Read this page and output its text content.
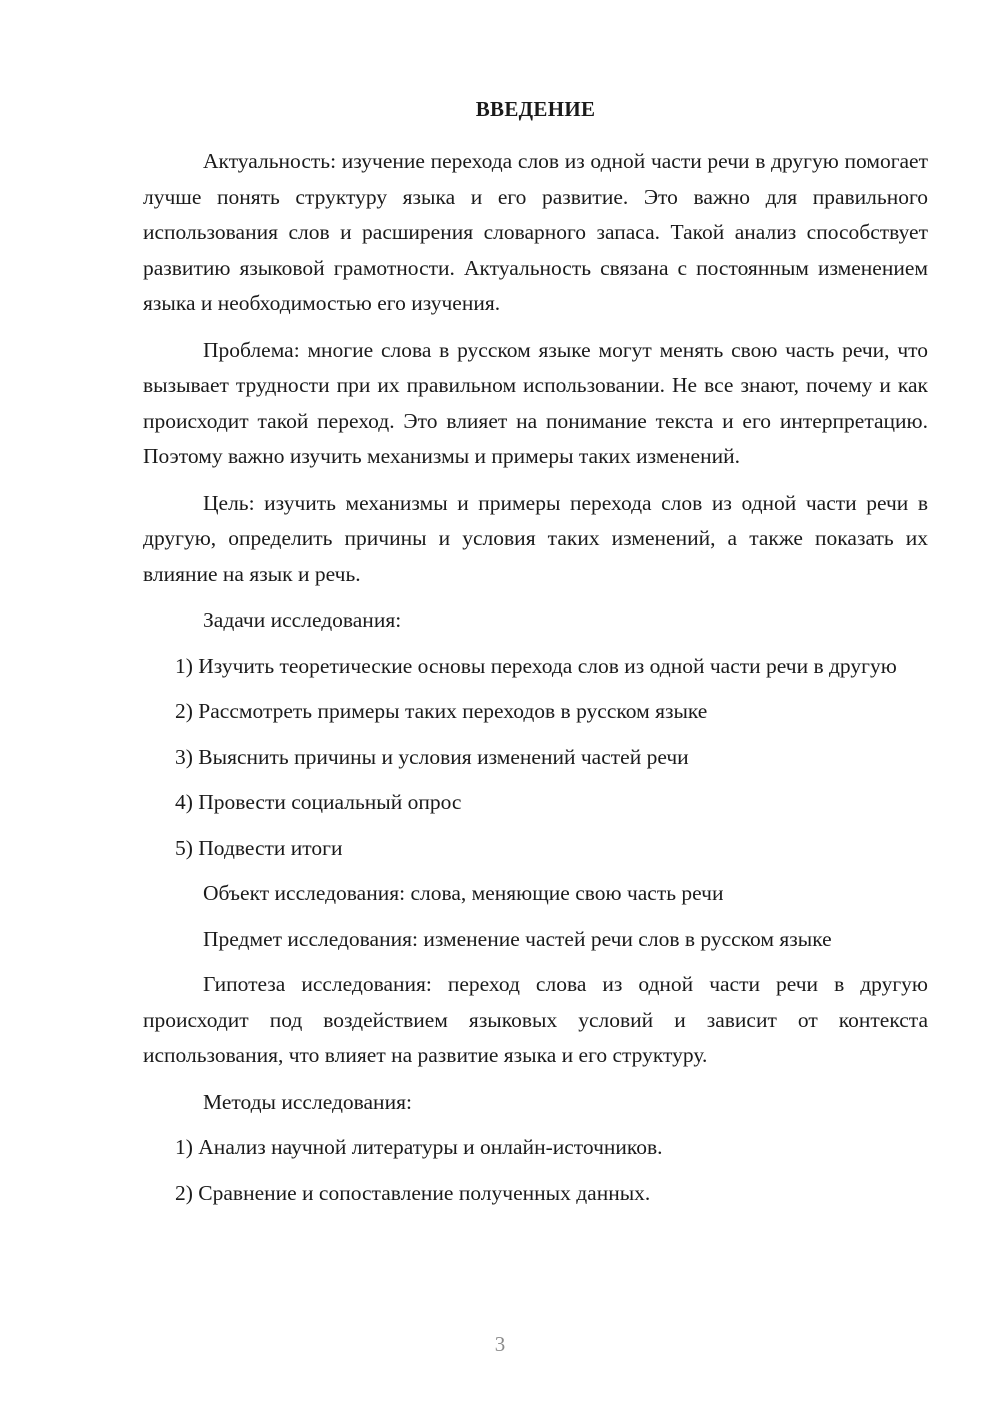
ВВЕДЕНИЕ

Актуальность: изучение перехода слов из одной части речи в другую помогает лучше понять структуру языка и его развитие. Это важно для правильного использования слов и расширения словарного запаса. Такой анализ способствует развитию языковой грамотности. Актуальность связана с постоянным изменением языка и необходимостью его изучения.

Проблема: многие слова в русском языке могут менять свою часть речи, что вызывает трудности при их правильном использовании. Не все знают, почему и как происходит такой переход. Это влияет на понимание текста и его интерпретацию. Поэтому важно изучить механизмы и примеры таких изменений.

Цель: изучить механизмы и примеры перехода слов из одной части речи в другую, определить причины и условия таких изменений, а также показать их влияние на язык и речь.

Задачи исследования:

1) Изучить теоретические основы перехода слов из одной части речи в другую

2) Рассмотреть примеры таких переходов в русском языке

3) Выяснить причины и условия изменений частей речи

4) Провести социальный опрос

5) Подвести итоги

Объект исследования: слова, меняющие свою часть речи

Предмет исследования: изменение частей речи слов в русском языке

Гипотеза исследования: переход слова из одной части речи в другую происходит под воздействием языковых условий и зависит от контекста использования, что влияет на развитие языка и его структуру.

Методы исследования:

1) Анализ научной литературы и онлайн-источников.

2) Сравнение и сопоставление полученных данных.

3
